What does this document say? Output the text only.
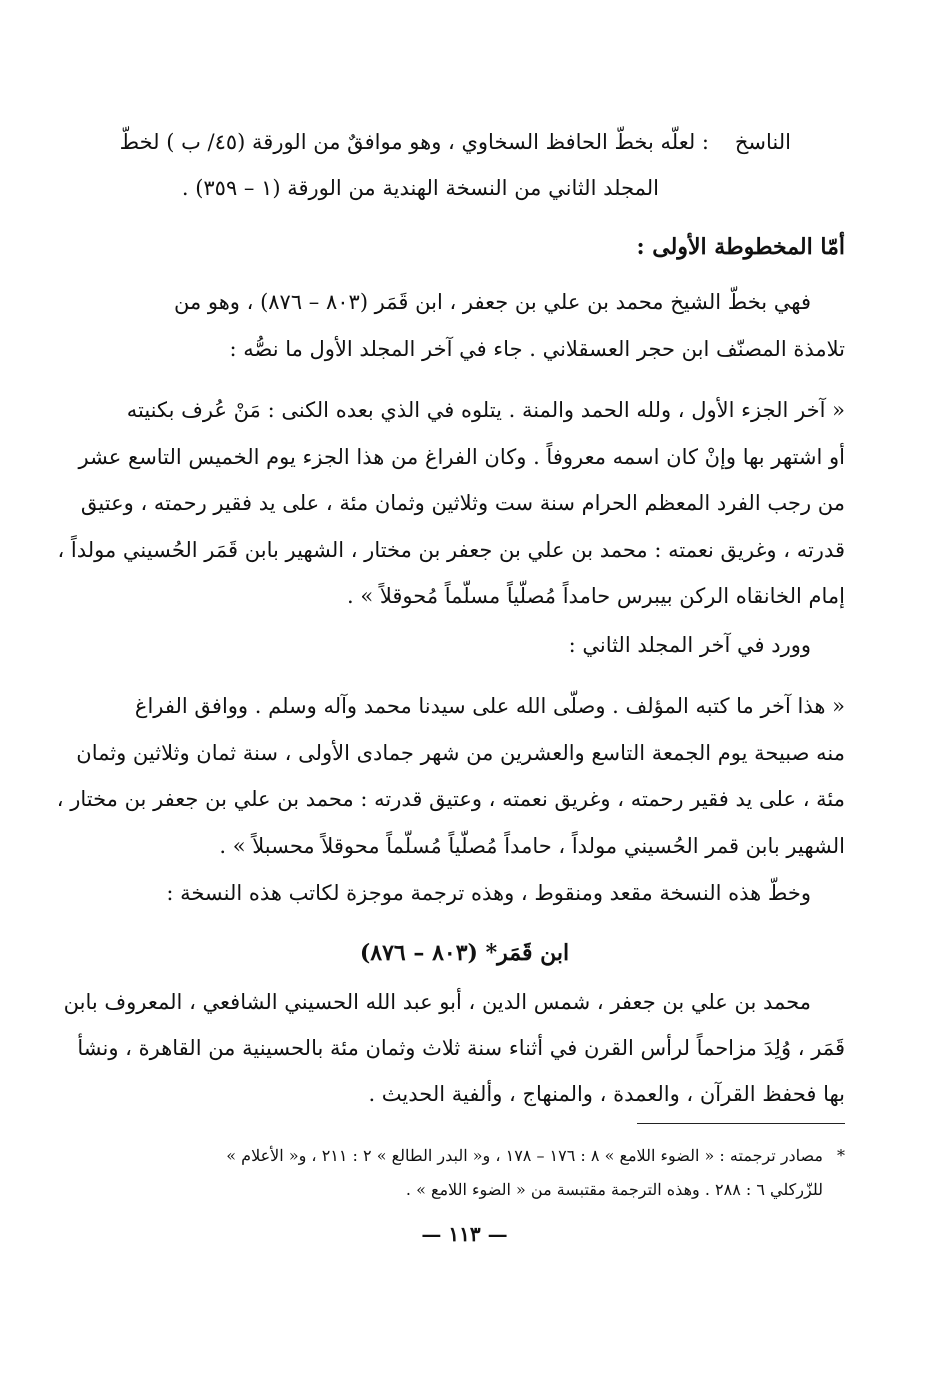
الناسخ
: لعلّه بخطّ الحافظ السخاوي ، وهو موافقٌ من الورقة (٤٥/ ب ) لخطّ
المجلد الثاني من النسخة الهندية من الورقة (١ – ٣٥٩) .
أمّا المخطوطة الأولى :
فهي بخطّ الشيخ محمد بن علي بن جعفر ، ابن قَمَر (٨٠٣ – ٨٧٦) ، وهو من
تلامذة المصنّف ابن حجر العسقلاني . جاء في آخر المجلد الأول ما نصُّه :
« آخر الجزء الأول ، ولله الحمد والمنة . يتلوه في الذي بعده الكنى : مَنْ عُرف بكنيته
أو اشتهر بها وإنْ كان اسمه معروفاً . وكان الفراغ من هذا الجزء يوم الخميس التاسع عشر
من رجب الفرد المعظم الحرام سنة ست وثلاثين وثمان مئة ، على يد فقير رحمته ، وعتيق
قدرته ، وغريق نعمته : محمد بن علي بن جعفر بن مختار ، الشهير بابن قَمَر الحُسيني مولداً ،
إمام الخانقاه الركن بيبرس حامداً مُصلّياً مسلّماً مُحوقلاً » .
وورد في آخر المجلد الثاني :
« هذا آخر ما كتبه المؤلف . وصلّى الله على سيدنا محمد وآله وسلم . ووافق الفراغ
منه صبيحة يوم الجمعة التاسع والعشرين من شهر جمادى الأولى ، سنة ثمان وثلاثين وثمان
مئة ، على يد فقير رحمته ، وغريق نعمته ، وعتيق قدرته : محمد بن علي بن جعفر بن مختار ،
الشهير بابن قمر الحُسيني مولداً ، حامداً مُصلّياً مُسلّماً محوقلاً محسبلاً » .
وخطّ هذه النسخة مقعد ومنقوط ، وهذه ترجمة موجزة لكاتب هذه النسخة :
ابن قَمَر* (٨٠٣ – ٨٧٦)
محمد بن علي بن جعفر ، شمس الدين ، أبو عبد الله الحسيني الشافعي ، المعروف بابن
قَمَر ، وُلِدَ مزاحماً لرأس القرن في أثناء سنة ثلاث وثمان مئة بالحسينية من القاهرة ، ونشأ
بها فحفظ القرآن ، والعمدة ، والمنهاج ، وألفية الحديث .
*
مصادر ترجمته : « الضوء اللامع » ٨ : ١٧٦ – ١٧٨ ، و« البدر الطالع » ٢ : ٢١١ ، و« الأعلام »
للزّركلي ٦ : ٢٨٨ . وهذه الترجمة مقتبسة من « الضوء اللامع » .
— ١١٣ —
